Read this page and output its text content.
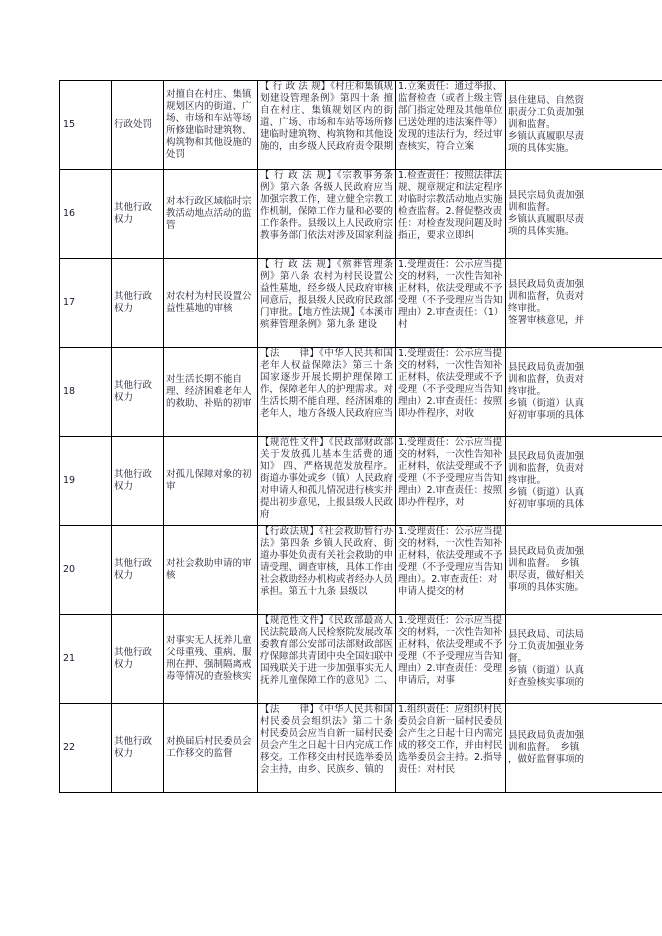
15	行政处罚	对擅自在村庄、集镇规划区内的街道、广场、市场和车站等场所修建临时建筑物、构筑物和其他设施的处罚	【 行 政 法 规】《村庄和集镇规划建设管理条例》第四十条 擅自在村庄、集镇规划区内的街道、广场、市场和车站等场所修建临时建筑物、构筑物和其他设施的，由乡级人民政府责令限期	1.立案责任：通过举报、监督检查（或者上级主管部门指定处理及其他单位已送处理的违法案件等）发现的违法行为，经过审查核实，符合立案	县住建局、自然资
职责分工负责加强
训和监督。
乡镇认真履职尽责
项的具体实施。

16	其他行政权力	对本行政区域临时宗教活动地点活动的监管	【 行 政 法 规】《宗教事务条例》第六条 各级人民政府应当加强宗教工作，建立健全宗教工作机制，保障工作力量和必要的工作条件。县级以上人民政府宗教事务部门依法对涉及国家利益	1.检查责任：按照法律法规、规章规定和法定程序对临时宗教活动地点实施检查监督。2.督促整改责任：对检查发现问题及时指正，要求立即纠	县民宗局负责加强
训和监督。
乡镇认真履职尽责
项的具体实施。

17	其他行政权力	对农村为村民设置公益性墓地的审核	【 行 政 法 规】《殡葬管理条例》第八条 农村为村民设置公益性墓地，经乡级人民政府审核同意后，报县级人民政府民政部门审批。【地方性法规】《本溪市殡葬管理条例》第九条 建设	1.受理责任：公示应当提交的材料，一次性告知补正材料，依法受理或不予受理（不予受理应当告知理由）2.审查责任：（1）村	县民政局负责加强
训和监督，负责对
终审批。
签署审核意见，并

18	其他行政权力	对生活长期不能自理、经济困难老年人的救助、补贴的初审	【法　　律】《中华人民共和国老年人权益保障法》第三十条 国家逐步开展长期护理保障工作，保障老年人的护理需求。对生活长期不能自理、经济困难的老年人，地方各级人民政府应当	1.受理责任：公示应当提交的材料，一次性告知补正材料，依法受理或不予受理（不予受理应当告知理由）2.审查责任：按照即办件程序，对收	县民政局负责加强
训和监督，负责对
终审批。
乡镇（街道）认真
好初审事项的具体

19	其他行政权力	对孤儿保障对象的初审	【规范性文件】《民政部财政部关于发放孤儿基本生活费的通知》 四、严格规范发放程序。街道办事处或乡（镇）人民政府对申请人和孤儿情况进行核实并提出初步意见，上报县级人民政府	1.受理责任：公示应当提交的材料，一次性告知补正材料，依法受理或不予受理（不予受理应当告知理由）2.审查责任：按照即办件程序，对	县民政局负责加强
训和监督，负责对
终审批。
乡镇（街道）认真
好初审事项的具体

20	其他行政权力	对社会救助申请的审核	【行政法规】《社会救助暂行办法》第四条 乡镇人民政府、街道办事处负责有关社会救助的申请受理、调查审核，具体工作由社会救助经办机构或者经办人员承担。第五十九条 县级以	1.受理责任：公示应当提交的材料，一次性告知补正材料，依法受理或不予受理（不予受理应当告知理由）。2.审查责任：对申请人提交的材	县民政局负责加强
训和监督。　乡镇
职尽责，做好相关
事项的具体实施。

21	其他行政权力	对事实无人抚养儿童父母重残、重病、服刑在押、强制隔离戒毒等情况的查验核实	【规范性文件】《民政部最高人民法院最高人民检察院发展改革委教育部公安部司法部财政部医疗保障部共青团中央全国妇联中国残联关于进一步加强事实无人抚养儿童保障工作的意见》二、	1.受理责任：公示应当提交的材料，一次性告知补正材料，依法受理或不予受理（不予受理应当告知理由）2.审查责任：受理申请后，对事	县民政局、司法局
分工负责加强业务
督。
乡镇（街道）认真
好查验核实事项的

22	其他行政权力	对换届后村民委员会工作移交的监督	【法　　律】《中华人民共和国村民委员会组织法》第二十条 村民委员会应当自新一届村民委员会产生之日起十日内完成工作移交。工作移交由村民选举委员会主持，由乡、民族乡、镇的	1.组织责任：应组织村民委员会自新一届村民委员会产生之日起十日内需完成的移交工作，并由村民选举委员会主持。2.指导责任：对村民	县民政局负责加强
训和监督。　乡镇
，做好监督事项的
